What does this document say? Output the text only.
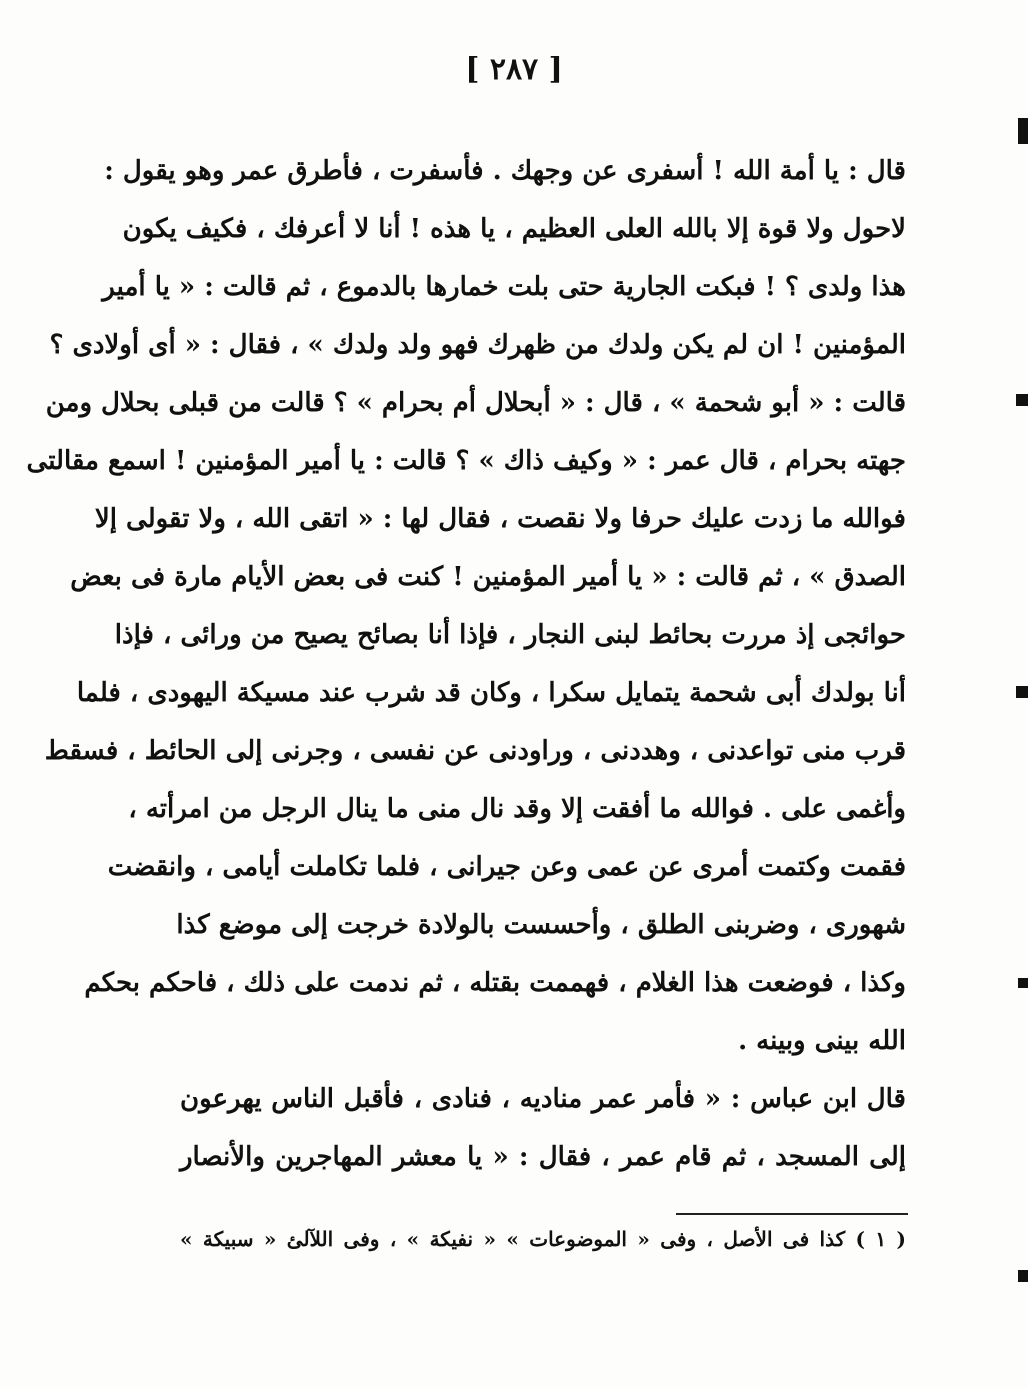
[ ٢٨٧ ]
قال : يا أمة الله ! أسفرى عن وجهك . فأسفرت ، فأطرق عمر وهو يقول :
لاحول ولا قوة إلا بالله العلى العظيم ، يا هذه ! أنا لا أعرفك ، فكيف يكون
هذا ولدى ؟ ! فبكت الجارية حتى بلت خمارها بالدموع ، ثم قالت : « يا أمير
المؤمنين ! ان لم يكن ولدك من ظهرك فهو ولد ولدك » ، فقال : « أى أولادى ؟
قالت : « أبو شحمة » ، قال : « أبحلال أم بحرام » ؟ قالت من قبلى بحلال ومن
جهته بحرام ، قال عمر : « وكيف ذاك » ؟ قالت : يا أمير المؤمنين ! اسمع مقالتى
فوالله ما زدت عليك حرفا ولا نقصت ، فقال لها : « اتقى الله ، ولا تقولى إلا
الصدق » ، ثم قالت : « يا أمير المؤمنين ! كنت فى بعض الأيام مارة فى بعض
حوائجى إذ مررت بحائط لبنى النجار ، فإذا أنا بصائح يصيح من ورائى ، فإذا
أنا بولدك أبى شحمة يتمايل سكرا ، وكان قد شرب عند مسيكة اليهودى ، فلما
قرب منى تواعدنى ، وهددنى ، وراودنى عن نفسى ، وجرنى إلى الحائط ، فسقط
وأغمى على . فوالله ما أفقت إلا وقد نال منى ما ينال الرجل من امرأته ،
فقمت وكتمت أمرى عن عمى وعن جيرانى ، فلما تكاملت أيامى ، وانقضت
شهورى ، وضربنى الطلق ، وأحسست بالولادة خرجت إلى موضع كذا
وكذا ، فوضعت هذا الغلام ، فهممت بقتله ، ثم ندمت على ذلك ، فاحكم بحكم
الله بينى وبينه .
قال ابن عباس : « فأمر عمر مناديه ، فنادى ، فأقبل الناس يهرعون
إلى المسجد ، ثم قام عمر ، فقال : « يا معشر المهاجرين والأنصار
( ١ ) كذا فى الأصل ، وفى « الموضوعات » « نفيكة » ، وفى اللآلئ « سبيكة »
